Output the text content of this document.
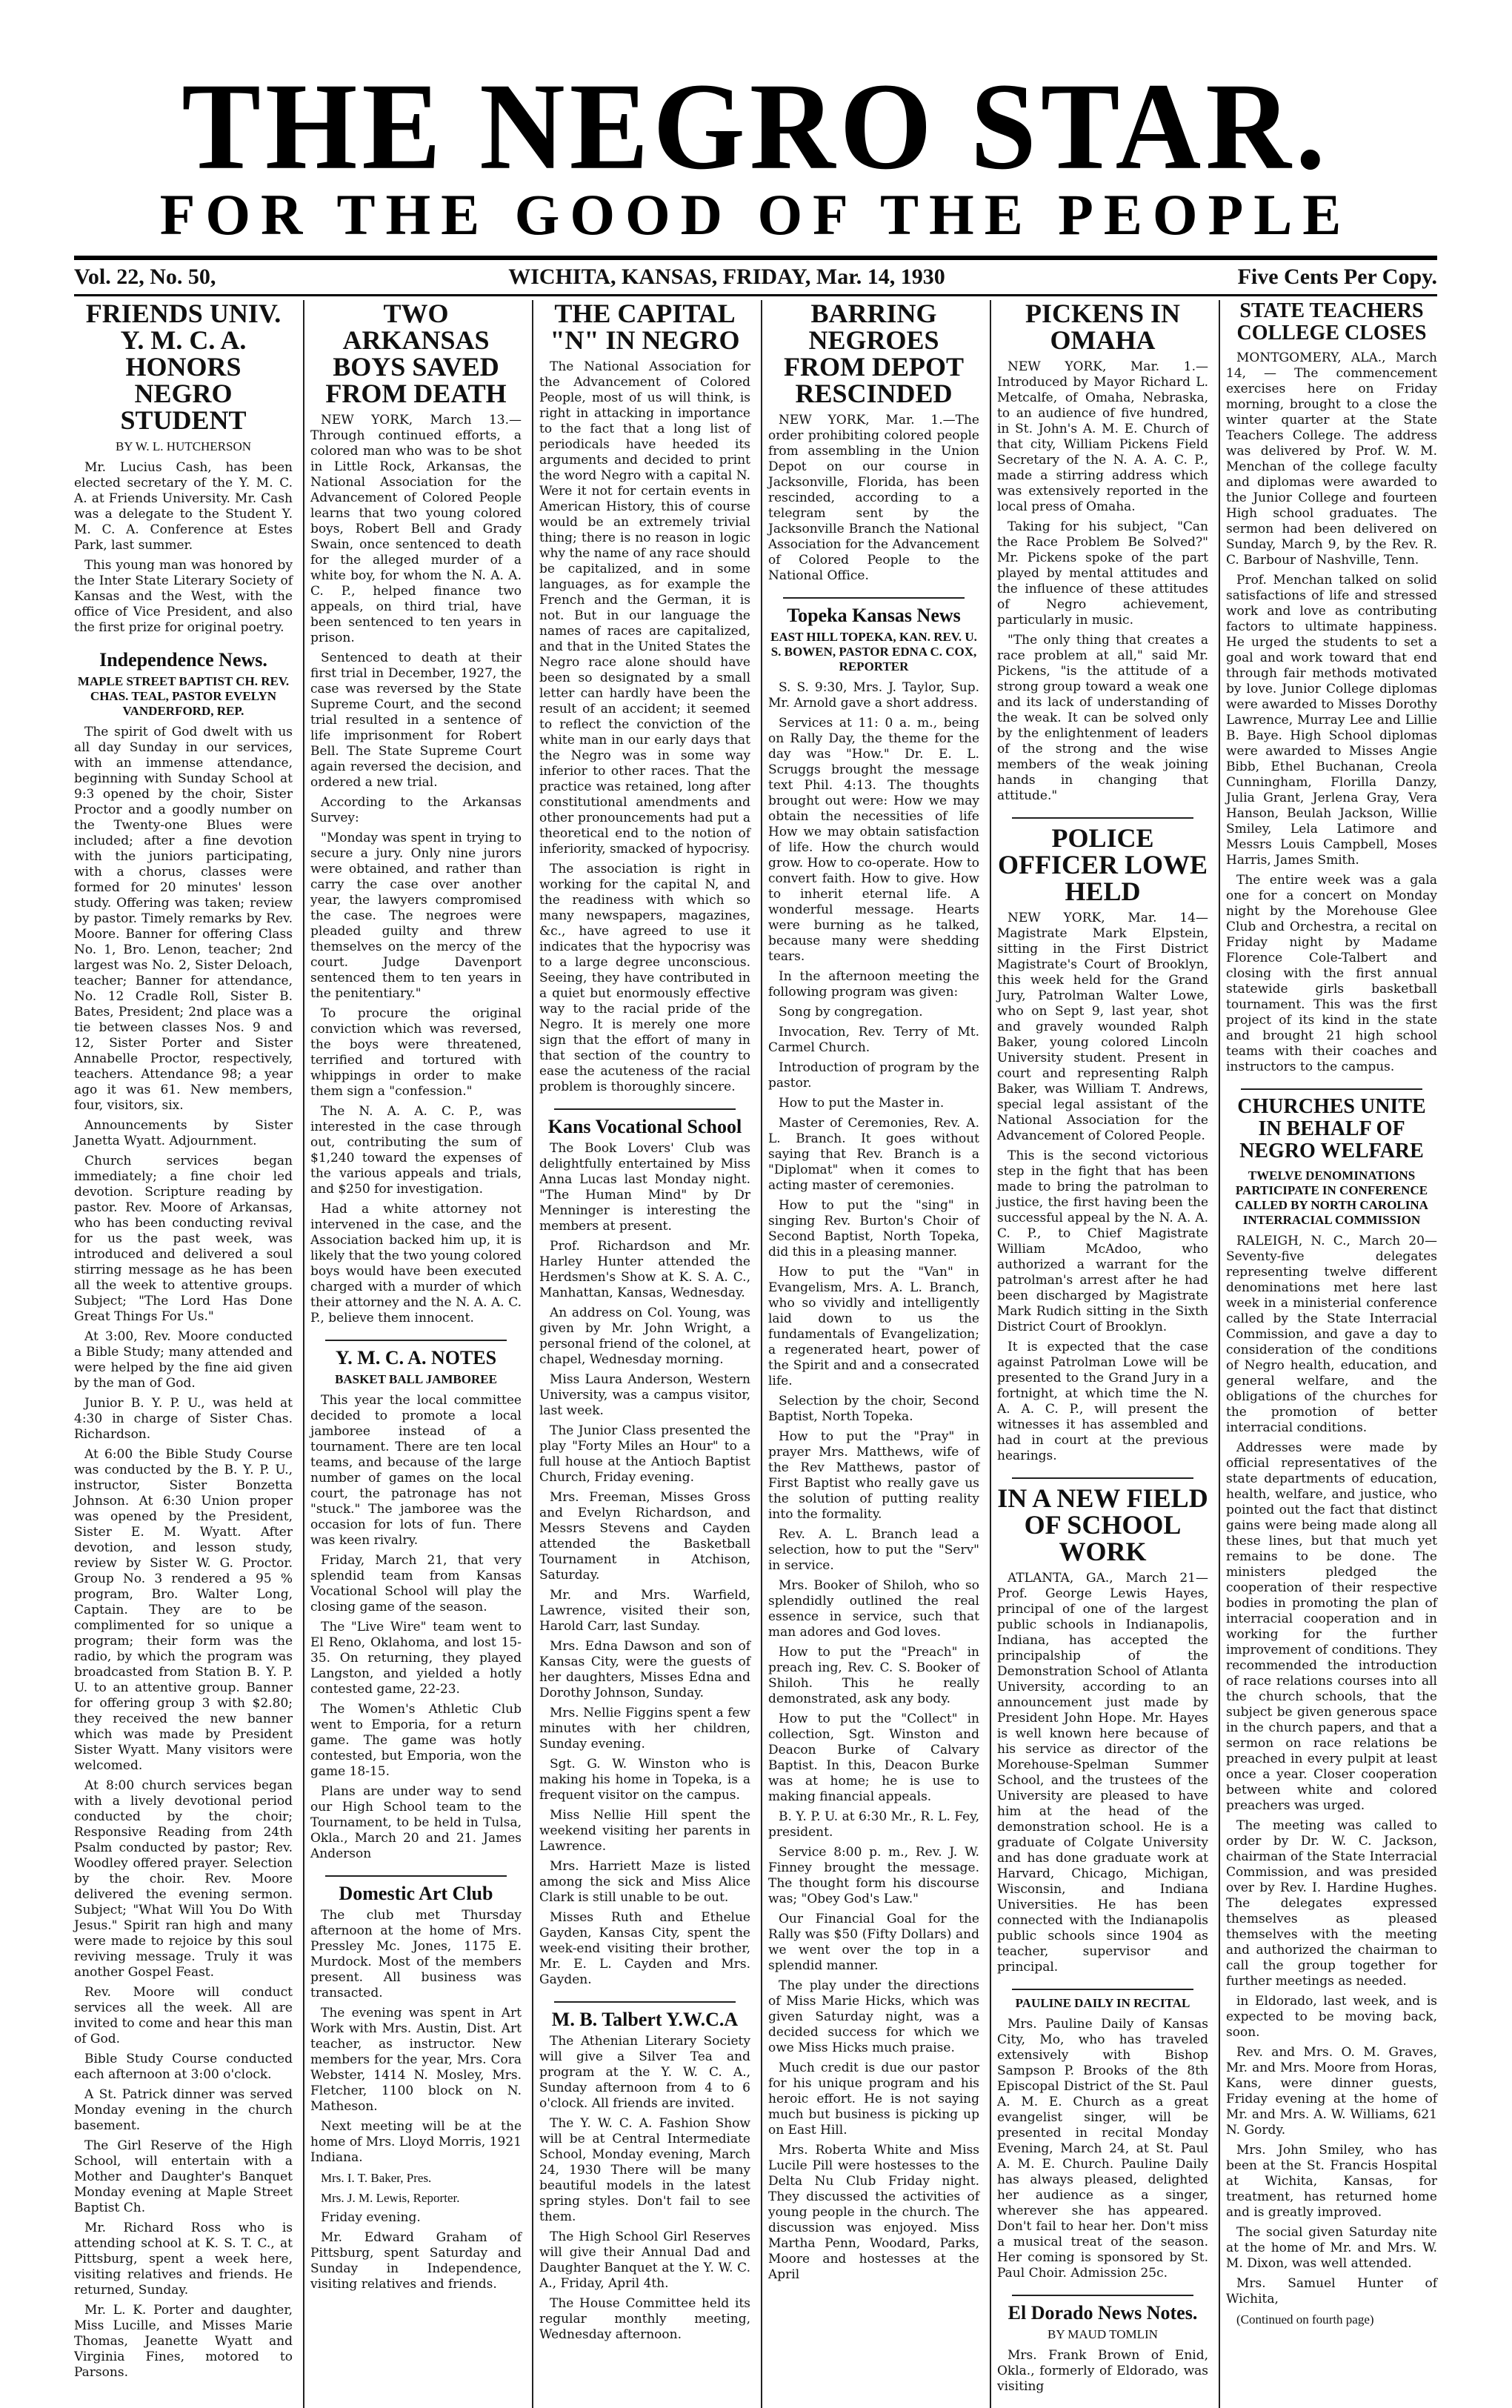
THE NEGRO STAR.
FOR THE GOOD OF THE PEOPLE
Vol. 22, No. 50,	WICHITA, KANSAS, FRIDAY, Mar. 14, 1930	Five Cents Per Copy.
FRIENDS UNIV. Y. M. C. A. HONORS NEGRO STUDENT
BY W. L. HUTCHERSON

Mr. Lucius Cash, has been elected secretary of the Y. M. C. A. at Friends University. Mr. Cash was a delegate to the Student Y. M. C. A. Conference at Estes Park, last summer.

This young man was honored by the Inter State Literary Society of Kansas and the West, with the office of Vice President, and also the first prize for original poetry.

Independence News.
MAPLE STREET BAPTIST CH. REV. CHAS. TEAL, PASTOR EVELYN VANDERFORD, REP.

The spirit of God dwelt with us all day Sunday in our services, with an immense attendance, beginning with Sunday School at 9:3 opened by the choir, Sister Proctor and a goodly number on the Twenty-one Blues were included; after a fine devotion with the juniors participating, with a chorus, classes were formed for 20 minutes' lesson study. Offering was taken; review by pastor. Timely remarks by Rev. Moore. Banner for offering Class No. 1, Bro. Lenon, teacher; 2nd largest was No. 2, Sister Deloach, teacher; Banner for attendance, No. 12 Cradle Roll, Sister B. Bates, President; 2nd place was a tie between classes Nos. 9 and 12, Sister Porter and Sister Annabelle Proctor, respectively, teachers. Attendance 98; a year ago it was 61. New members, four, visitors, six.

Announcements by Sister Janetta Wyatt. Adjournment.

Church services began immediately; a fine choir led devotion. Scripture reading by pastor. Rev. Moore of Arkansas, who has been conducting revival for us the past week, was introduced and delivered a soul stirring message as he has been all the week to attentive groups. Subject; "The Lord Has Done Great Things For Us."

At 3:00, Rev. Moore conducted a Bible Study; many attended and were helped by the fine aid given by the man of God.

Junior B. Y. P. U., was held at 4:30 in charge of Sister Chas. Richardson.

At 6:00 the Bible Study Course was conducted by the B. Y. P. U., instructor, Sister Bonzetta Johnson. At 6:30 Union proper was opened by the President, Sister E. M. Wyatt. After devotion, and lesson study, review by Sister W. G. Proctor. Group No. 3 rendered a 95 % program, Bro. Walter Long, Captain. They are to be complimented for so unique a program; their form was the radio, by which the program was broadcasted from Station B. Y. P. U. to an attentive group. Banner for offering group 3 with $2.80; they received the new banner which was made by President Sister Wyatt. Many visitors were welcomed.

At 8:00 church services began with a lively devotional period conducted by the choir; Responsive Reading from 24th Psalm conducted by pastor; Rev. Woodley offered prayer. Selection by the choir. Rev. Moore delivered the evening sermon. Subject; "What Will You Do With Jesus." Spirit ran high and many were made to rejoice by this soul reviving message. Truly it was another Gospel Feast.

Rev. Moore will conduct services all the week. All are invited to come and hear this man of God.

Bible Study Course conducted each afternoon at 3:00 o'clock.

A St. Patrick dinner was served Monday evening in the church basement.

The Girl Reserve of the High School, will entertain with a Mother and Daughter's Banquet Monday evening at Maple Street Baptist Ch.

Mr. Richard Ross who is attending school at K. S. T. C., at Pittsburg, spent a week here, visiting relatives and friends. He returned, Sunday.

Mr. L. K. Porter and daughter, Miss Lucille, and Misses Marie Thomas, Jeanette Wyatt and Virginia Fines, motored to Parsons.

TWO ARKANSAS BOYS SAVED FROM DEATH

NEW YORK, March 13.—Through continued efforts, a colored man who was to be shot in Little Rock, Arkansas, the National Association for the Advancement of Colored People learns that two young colored boys, Robert Bell and Grady Swain, once sentenced to death for the alleged murder of a white boy, for whom the N. A. A. C. P., helped finance two appeals, on third trial, have been sentenced to ten years in prison.

Sentenced to death at their first trial in December, 1927, the case was reversed by the State Supreme Court, and the second trial resulted in a sentence of life imprisonment for Robert Bell. The State Supreme Court again reversed the decision, and ordered a new trial.

According to the Arkansas Survey:

"Monday was spent in trying to secure a jury. Only nine jurors were obtained, and rather than carry the case over another year, the lawyers compromised the case. The negroes were pleaded guilty and threw themselves on the mercy of the court. Judge Davenport sentenced them to ten years in the penitentiary."

To procure the original conviction which was reversed, the boys were threatened, terrified and tortured with whippings in order to make them sign a "confession."

The N. A. A. C. P., was interested in the case through out, contributing the sum of $1,240 toward the expenses of the various appeals and trials, and $250 for investigation.

Had a white attorney not intervened in the case, and the Association backed him up, it is likely that the two young colored boys would have been executed charged with a murder of which their attorney and the N. A. A. C. P., believe them innocent.

Y. M. C. A. NOTES
BASKET BALL JAMBOREE

This year the local committee decided to promote a local jamboree instead of a tournament. There are ten local teams, and because of the large number of games on the local court, the patronage has not "stuck." The jamboree was the occasion for lots of fun. There was keen rivalry.

Friday, March 21, that very splendid team from Kansas Vocational School will play the closing game of the season.

The "Live Wire" team went to El Reno, Oklahoma, and lost 15-35. On returning, they played Langston, and yielded a hotly contested game, 22-23.

The Women's Athletic Club went to Emporia, for a return game. The game was hotly contested, but Emporia, won the game 18-15.

Plans are under way to send our High School team to the Tournament, to be held in Tulsa, Okla., March 20 and 21. James Anderson

Domestic Art Club

The club met Thursday afternoon at the home of Mrs. Pressley Mc. Jones, 1175 E. Murdock. Most of the members present. All business was transacted.

The evening was spent in Art Work with Mrs. Austin, Dist. Art teacher, as instructor. New members for the year, Mrs. Cora Webster, 1414 N. Mosley, Mrs. Fletcher, 1100 block on N. Matheson.

Next meeting will be at the home of Mrs. Lloyd Morris, 1921 Indiana.

Mrs. I. T. Baker, Pres.

Mrs. J. M. Lewis, Reporter.

Friday evening.

Mr. Edward Graham of Pittsburg, spent Saturday and Sunday in Independence, visiting relatives and friends.

THE CAPITAL "N" IN NEGRO

The National Association for the Advancement of Colored People, most of us will think, is right in attacking in importance to the fact that a long list of periodicals have heeded its arguments and decided to print the word Negro with a capital N. Were it not for certain events in American History, this of course would be an extremely trivial thing; there is no reason in logic why the name of any race should be capitalized, and in some languages, as for example the French and the German, it is not. But in our language the names of races are capitalized, and that in the United States the Negro race alone should have been so designated by a small letter can hardly have been the result of an accident; it seemed to reflect the conviction of the white man in our early days that the Negro was in some way inferior to other races. That the practice was retained, long after constitutional amendments and other pronouncements had put a theoretical end to the notion of inferiority, smacked of hypocrisy.

The association is right in working for the capital N, and the readiness with which so many newspapers, magazines, &c., have agreed to use it indicates that the hypocrisy was to a large degree unconscious. Seeing, they have contributed in a quiet but enormously effective way to the racial pride of the Negro. It is merely one more sign that the effort of many in that section of the country to ease the acuteness of the racial problem is thoroughly sincere.

Kans Vocational School

The Book Lovers' Club was delightfully entertained by Miss Anna Lucas last Monday night. "The Human Mind" by Dr Menninger is interesting the members at present.

Prof. Richardson and Mr. Harley Hunter attended the Herdsmen's Show at K. S. A. C., Manhattan, Kansas, Wednesday.

An address on Col. Young, was given by Mr. John Wright, a personal friend of the colonel, at chapel, Wednesday morning.

Miss Laura Anderson, Western University, was a campus visitor, last week.

The Junior Class presented the play "Forty Miles an Hour" to a full house at the Antioch Baptist Church, Friday evening.

Mrs. Freeman, Misses Gross and Evelyn Richardson, and Messrs Stevens and Cayden attended the Basketball Tournament in Atchison, Saturday.

Mr. and Mrs. Warfield, Lawrence, visited their son, Harold Carr, last Sunday.

Mrs. Edna Dawson and son of Kansas City, were the guests of her daughters, Misses Edna and Dorothy Johnson, Sunday.

Mrs. Nellie Figgins spent a few minutes with her children, Sunday evening.

Sgt. G. W. Winston who is making his home in Topeka, is a frequent visitor on the campus.

Miss Nellie Hill spent the weekend visiting her parents in Lawrence.

Mrs. Harriett Maze is listed among the sick and Miss Alice Clark is still unable to be out.

Misses Ruth and Ethelue Gayden, Kansas City, spent the week-end visiting their brother, Mr. E. L. Cayden and Mrs. Gayden.

M. B. Talbert Y.W.C.A

The Athenian Literary Society will give a Silver Tea and program at the Y. W. C. A., Sunday afternoon from 4 to 6 o'clock. All friends are invited.

The Y. W. C. A. Fashion Show will be at Central Intermediate School, Monday evening, March 24, 1930 There will be many beautiful models in the latest spring styles. Don't fail to see them.

The High School Girl Reserves will give their Annual Dad and Daughter Banquet at the Y. W. C. A., Friday, April 4th.

The House Committee held its regular monthly meeting, Wednesday afternoon.

BARRING NEGROES FROM DEPOT RESCINDED

NEW YORK, Mar. 1.—The order prohibiting colored people from assembling in the Union Depot on our course in Jacksonville, Florida, has been rescinded, according to a telegram sent by the Jacksonville Branch the National Association for the Advancement of Colored People to the National Office.

Topeka Kansas News
EAST HILL TOPEKA, KAN. REV. U. S. BOWEN, PASTOR EDNA C. COX, REPORTER

S. S. 9:30, Mrs. J. Taylor, Sup. Mr. Arnold gave a short address.

Services at 11: 0 a. m., being on Rally Day, the theme for the day was "How." Dr. E. L. Scruggs brought the message text Phil. 4:13. The thoughts brought out were: How we may obtain the necessities of life How we may obtain satisfaction of life. How the church would grow. How to co-operate. How to convert faith. How to give. How to inherit eternal life. A wonderful message. Hearts were burning as he talked, because many were shedding tears.

In the afternoon meeting the following program was given:

Song by congregation.

Invocation, Rev. Terry of Mt. Carmel Church.

Introduction of program by the pastor.

How to put the Master in.

Master of Ceremonies, Rev. A. L. Branch. It goes without saying that Rev. Branch is a "Diplomat" when it comes to acting master of ceremonies.

How to put the "sing" in singing Rev. Burton's Choir of Second Baptist, North Topeka, did this in a pleasing manner.

How to put the "Van" in Evangelism, Mrs. A. L. Branch, who so vividly and intelligently laid down to us the fundamentals of Evangelization; a regenerated heart, power of the Spirit and and a consecrated life.

Selection by the choir, Second Baptist, North Topeka.

How to put the "Pray" in prayer Mrs. Matthews, wife of the Rev Matthews, pastor of First Baptist who really gave us the solution of putting reality into the formality.

Rev. A. L. Branch lead a selection, how to put the "Serv" in service.

Mrs. Booker of Shiloh, who so splendidly outlined the real essence in service, such that man adores and God loves.

How to put the "Preach" in preach ing, Rev. C. S. Booker of Shiloh. This he really demonstrated, ask any body.

How to put the "Collect" in collection, Sgt. Winston and Deacon Burke of Calvary Baptist. In this, Deacon Burke was at home; he is use to making financial appeals.

B. Y. P. U. at 6:30 Mr., R. L. Fey, president.

Service 8:00 p. m., Rev. J. W. Finney brought the message. The thought form his discourse was; "Obey God's Law."

Our Financial Goal for the Rally was $50 (Fifty Dollars) and we went over the top in a splendid manner.

The play under the directions of Miss Marie Hicks, which was given Saturday night, was a decided success for which we owe Miss Hicks much praise.

Much credit is due our pastor for his unique program and his heroic effort. He is not saying much but business is picking up on East Hill.

Mrs. Roberta White and Miss Lucile Pill were hostesses to the Delta Nu Club Friday night. They discussed the activities of young people in the church. The discussion was enjoyed. Miss Martha Penn, Woodard, Parks, Moore and hostesses at the April

PICKENS IN OMAHA

NEW YORK, Mar. 1.—Introduced by Mayor Richard L. Metcalfe, of Omaha, Nebraska, to an audience of five hundred, in St. John's A. M. E. Church of that city, William Pickens Field Secretary of the N. A. A. C. P., made a stirring address which was extensively reported in the local press of Omaha.

Taking for his subject, "Can the Race Problem Be Solved?" Mr. Pickens spoke of the part played by mental attitudes and the influence of these attitudes of Negro achievement, particularly in music.

"The only thing that creates a race problem at all," said Mr. Pickens, "is the attitude of a strong group toward a weak one and its lack of understanding of the weak. It can be solved only by the enlightenment of leaders of the strong and the wise members of the weak joining hands in changing that attitude."

POLICE OFFICER LOWE HELD

NEW YORK, Mar. 14—Magistrate Mark Elpstein, sitting in the First District Magistrate's Court of Brooklyn, this week held for the Grand Jury, Patrolman Walter Lowe, who on Sept 9, last year, shot and gravely wounded Ralph Baker, young colored Lincoln University student. Present in court and representing Ralph Baker, was William T. Andrews, special legal assistant of the National Association for the Advancement of Colored People.

This is the second victorious step in the fight that has been made to bring the patrolman to justice, the first having been the successful appeal by the N. A. A. C. P., to Chief Magistrate William McAdoo, who authorized a warrant for the patrolman's arrest after he had been discharged by Magistrate Mark Rudich sitting in the Sixth District Court of Brooklyn.

It is expected that the case against Patrolman Lowe will be presented to the Grand Jury in a fortnight, at which time the N. A. A. C. P., will present the witnesses it has assembled and had in court at the previous hearings.

IN A NEW FIELD OF SCHOOL WORK

ATLANTA, GA., March 21—Prof. George Lewis Hayes, principal of one of the largest public schools in Indianapolis, Indiana, has accepted the principalship of the Demonstration School of Atlanta University, according to an announcement just made by President John Hope. Mr. Hayes is well known here because of his service as director of the Morehouse-Spelman Summer School, and the trustees of the University are pleased to have him at the head of the demonstration school. He is a graduate of Colgate University and has done graduate work at Harvard, Chicago, Michigan, Wisconsin, and Indiana Universities. He has been connected with the Indianapolis public schools since 1904 as teacher, supervisor and principal.

PAULINE DAILY IN RECITAL

Mrs. Pauline Daily of Kansas City, Mo, who has traveled extensively with Bishop Sampson P. Brooks of the 8th Episcopal District of the St. Paul A. M. E. Church as a great evangelist singer, will be presented in recital Monday Evening, March 24, at St. Paul A. M. E. Church. Pauline Daily has always pleased, delighted her audience as a singer, wherever she has appeared. Don't fail to hear her. Don't miss a musical treat of the season. Her coming is sponsored by St. Paul Choir. Admission 25c.

El Dorado News Notes.
BY MAUD TOMLIN

Mrs. Frank Brown of Enid, Okla., formerly of Eldorado, was visiting

STATE TEACHERS COLLEGE CLOSES

MONTGOMERY, ALA., March 14, — The commencement exercises here on Friday morning, brought to a close the winter quarter at the State Teachers College. The address was delivered by Prof. W. M. Menchan of the college faculty and diplomas were awarded to the Junior College and fourteen High school graduates. The sermon had been delivered on Sunday, March 9, by the Rev. R. C. Barbour of Nashville, Tenn.

Prof. Menchan talked on solid satisfactions of life and stressed work and love as contributing factors to ultimate happiness. He urged the students to set a goal and work toward that end through fair methods motivated by love. Junior College diplomas were awarded to Misses Dorothy Lawrence, Murray Lee and Lillie B. Baye. High School diplomas were awarded to Misses Angie Bibb, Ethel Buchanan, Creola Cunningham, Florilla Danzy, Julia Grant, Jerlena Gray, Vera Hanson, Beulah Jackson, Willie Smiley, Lela Latimore and Messrs Louis Campbell, Moses Harris, James Smith.

The entire week was a gala one for a concert on Monday night by the Morehouse Glee Club and Orchestra, a recital on Friday night by Madame Florence Cole-Talbert and closing with the first annual statewide girls basketball tournament. This was the first project of its kind in the state and brought 21 high school teams with their coaches and instructors to the campus.

CHURCHES UNITE IN BEHALF OF NEGRO WELFARE
TWELVE DENOMINATIONS PARTICIPATE IN CONFERENCE CALLED BY NORTH CAROLINA INTERRACIAL COMMISSION

RALEIGH, N. C., March 20—Seventy-five delegates representing twelve different denominations met here last week in a ministerial conference called by the State Interracial Commission, and gave a day to consideration of the conditions of Negro health, education, and general welfare, and the obligations of the churches for the promotion of better interracial conditions.

Addresses were made by official representatives of the state departments of education, health, welfare, and justice, who pointed out the fact that distinct gains were being made along all these lines, but that much yet remains to be done. The ministers pledged the cooperation of their respective bodies in promoting the plan of interracial cooperation and in working for the further improvement of conditions. They recommended the introduction of race relations courses into all the church schools, that the subject be given generous space in the church papers, and that a sermon on race relations be preached in every pulpit at least once a year. Closer cooperation between white and colored preachers was urged.

The meeting was called to order by Dr. W. C. Jackson, chairman of the State Interracial Commission, and was presided over by Rev. I. Hardine Hughes. The delegates expressed themselves as pleased themselves with the meeting and authorized the chairman to call the group together for further meetings as needed.

in Eldorado, last week, and is expected to be moving back, soon.

Rev. and Mrs. O. M. Graves, Mr. and Mrs. Moore from Horas, Kans, were dinner guests, Friday evening at the home of Mr. and Mrs. A. W. Williams, 621 N. Gordy.

Mrs. John Smiley, who has been at the St. Francis Hospital at Wichita, Kansas, for treatment, has returned home and is greatly improved.

The social given Saturday nite at the home of Mr. and Mrs. W. M. Dixon, was well attended.

Mrs. Samuel Hunter of Wichita,

(Continued on fourth page)
